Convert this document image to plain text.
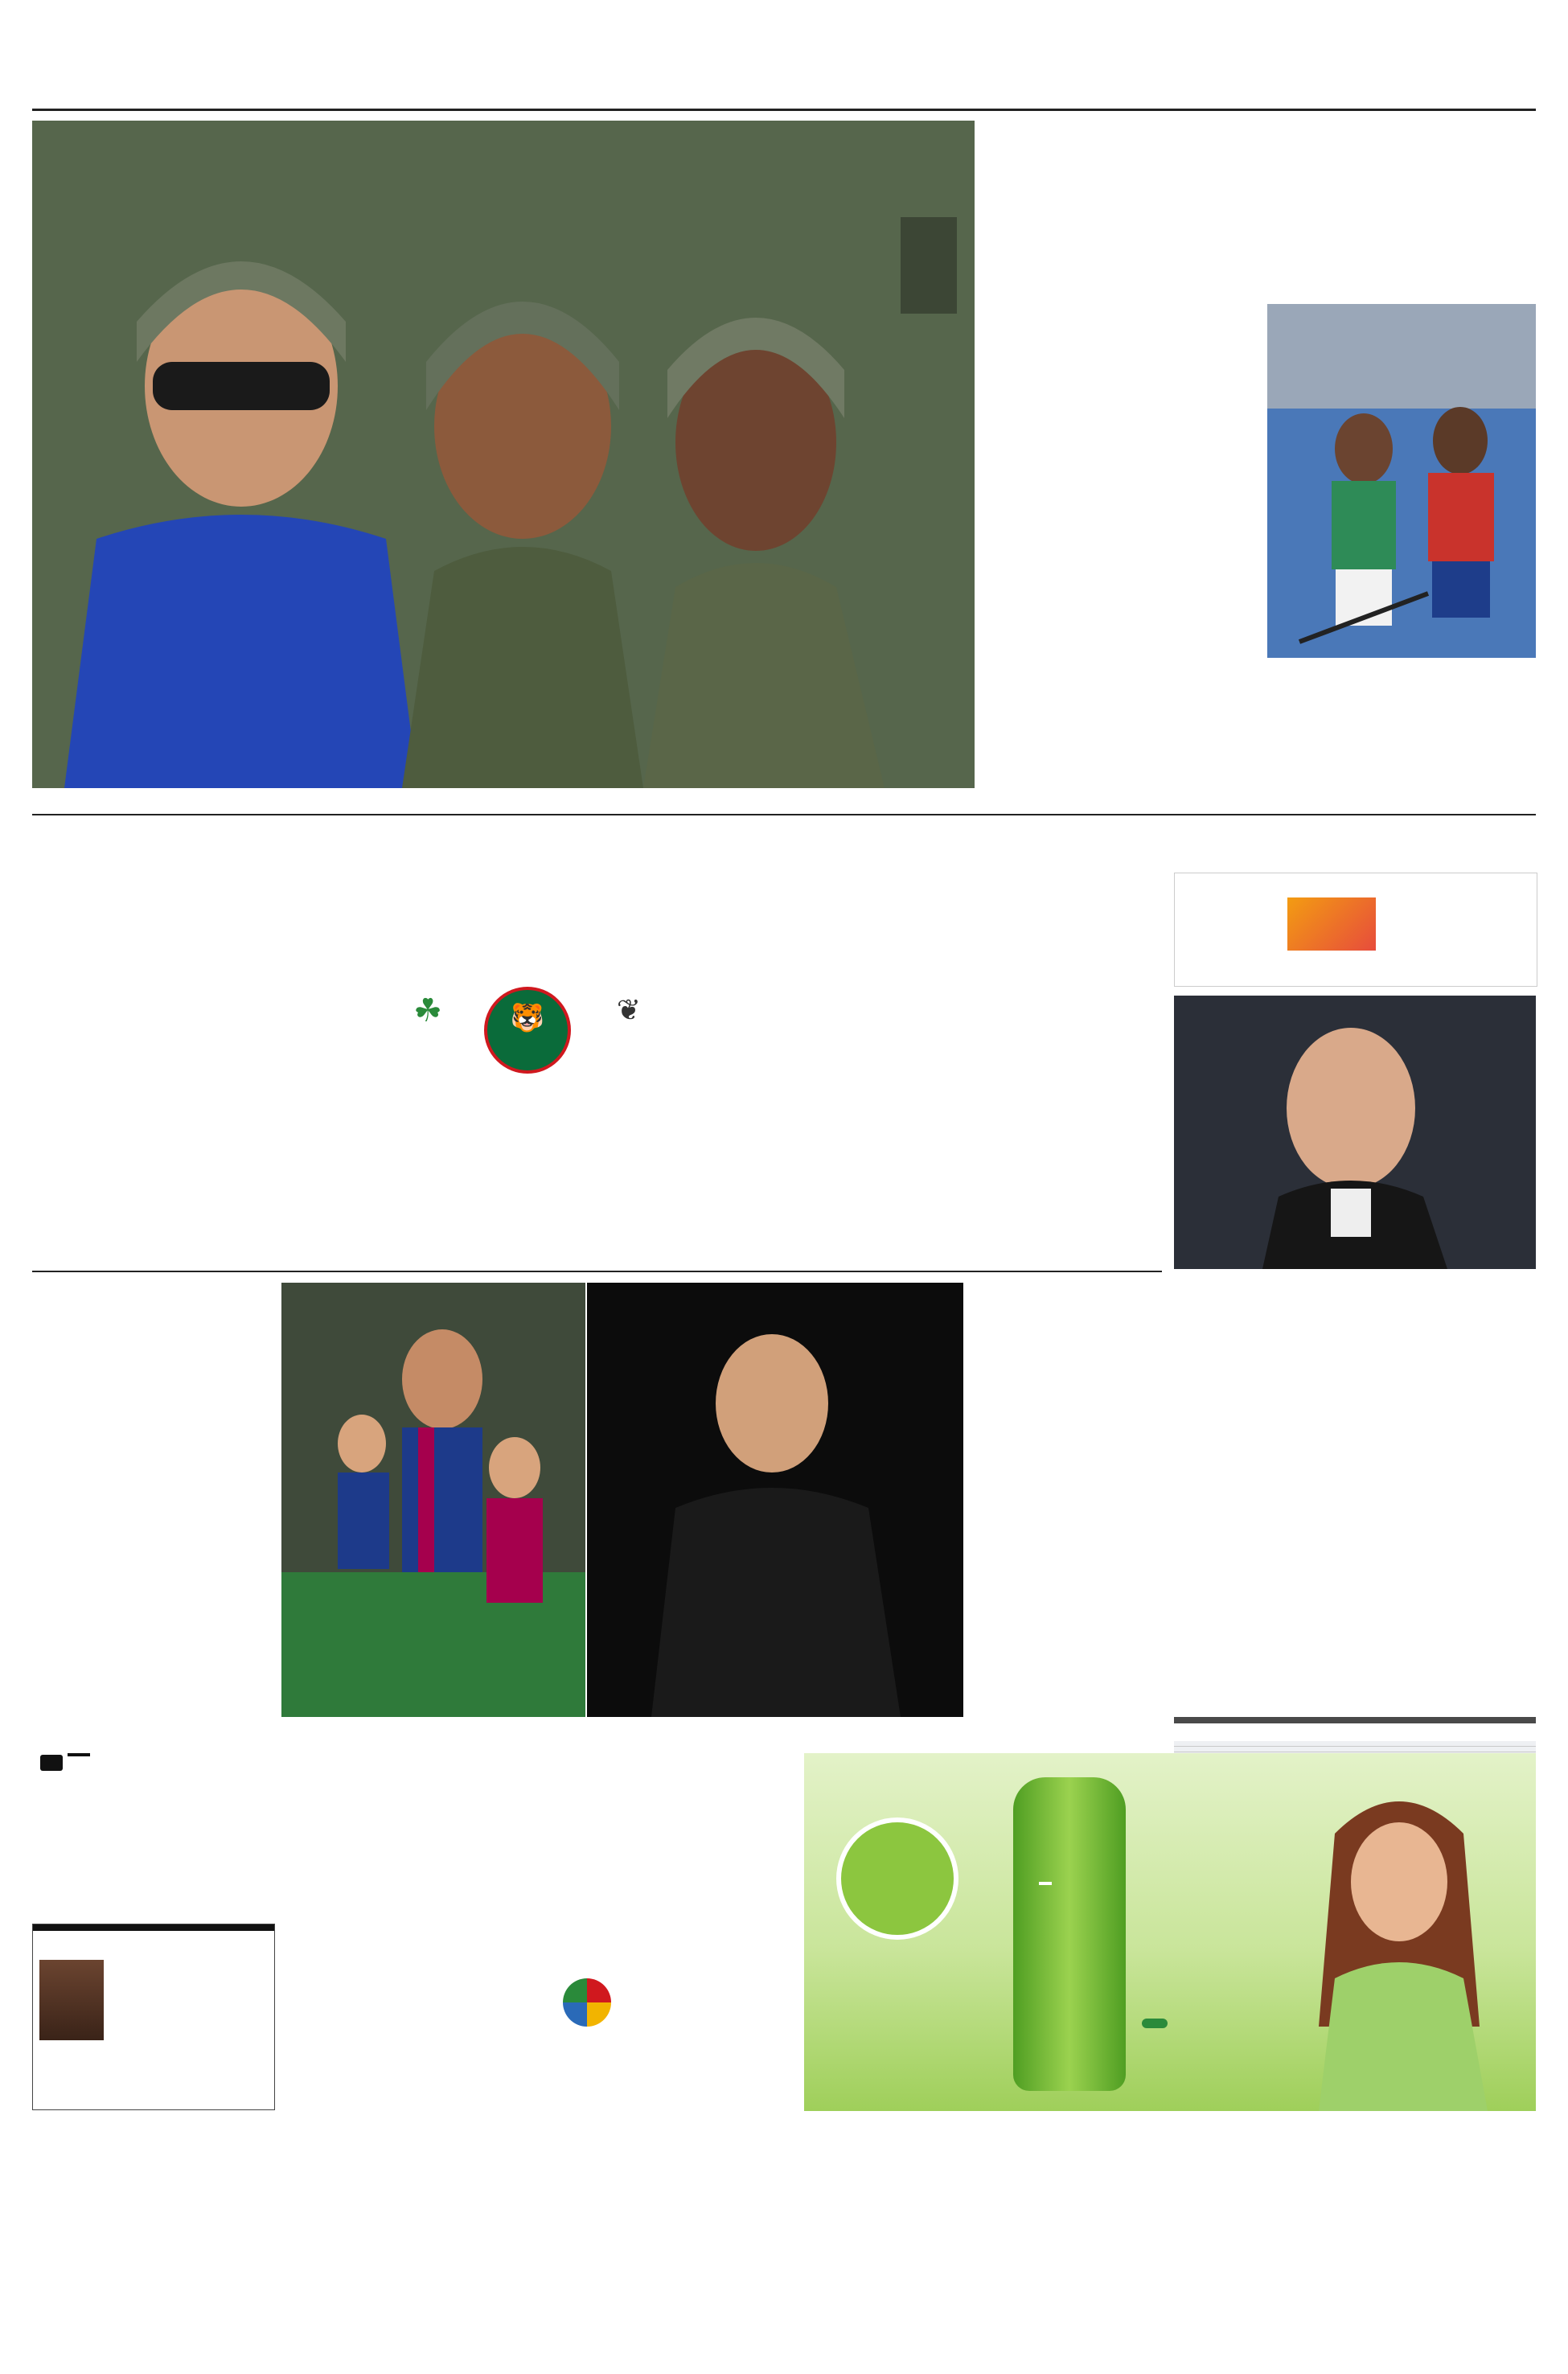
☘	🐯	❦
